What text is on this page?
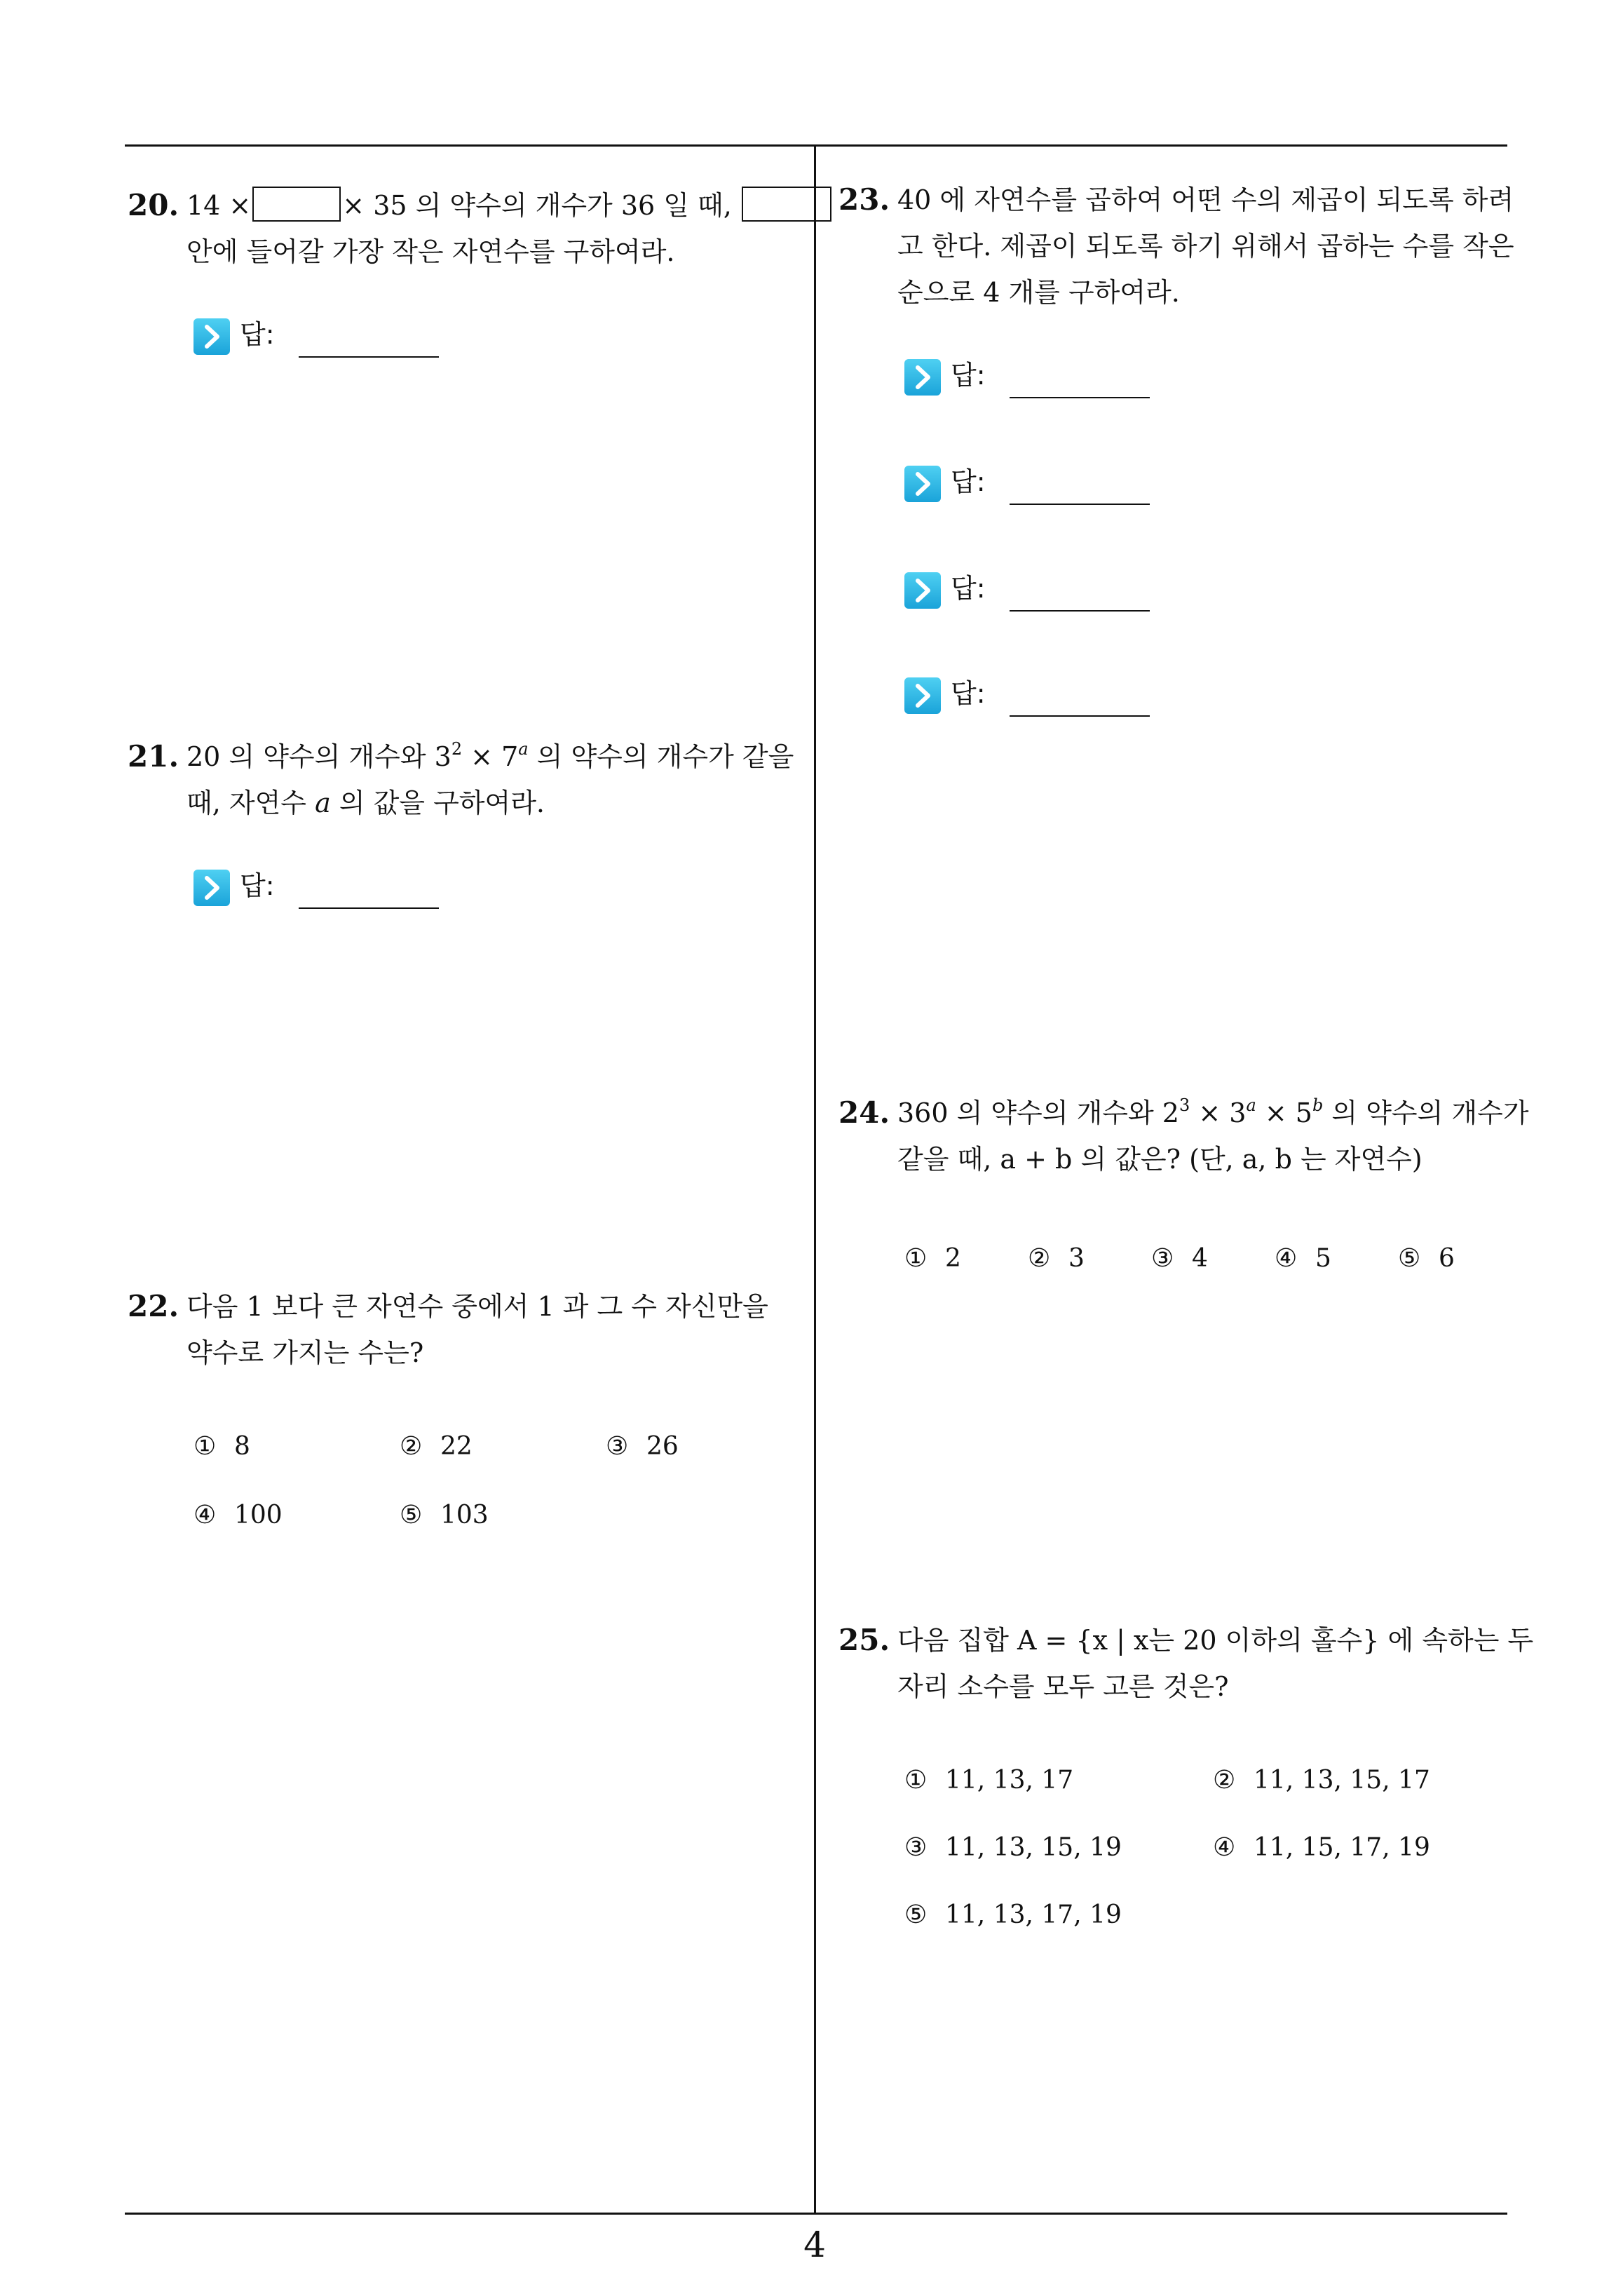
20. 14 ×	× 35 의 약수의 개수가 36 일 때,
안에 들어갈 가장 작은 자연수를 구하여라.
답:
21. 20 의 약수의 개수와 $3^2 \times 7^a$ 의 약수의 개수가 같을
때, 자연수 a 의 값을 구하여라.
답:
22. 다음 1 보다 큰 자연수 중에서 1 과 그 수 자신만을
약수로 가지는 수는?
① 8	② 22	③ 26
④ 100	⑤ 103
23. 40 에 자연수를 곱하여 어떤 수의 제곱이 되도록 하려
고 한다. 제곱이 되도록 하기 위해서 곱하는 수를 작은
순으로 4 개를 구하여라.
답:
답:
답:
답:
24. 360 의 약수의 개수와 $2^3 \times 3^a \times 5^b$ 의 약수의 개수가
같을 때, a + b 의 값은? (단, a, b 는 자연수)
① 2	② 3	③ 4	④ 5	⑤ 6
25. 다음 집합 A = {x | x는 20 이하의 홀수} 에 속하는 두
자리 소수를 모두 고른 것은?
① 11, 13, 17	② 11, 13, 15, 17
③ 11, 13, 15, 19	④ 11, 15, 17, 19
⑤ 11, 13, 17, 19
4
